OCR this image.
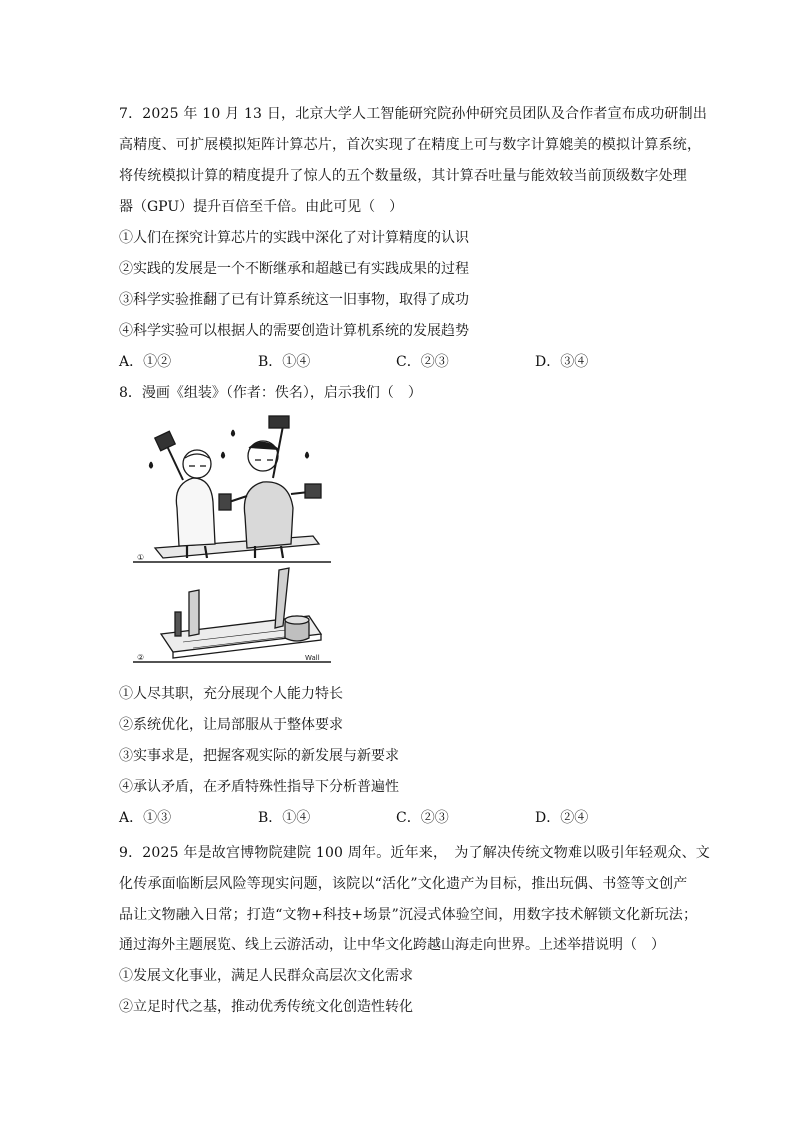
7．2025 年 10 月 13 日，北京大学人工智能研究院孙仲研究员团队及合作者宣布成功研制出
高精度、可扩展模拟矩阵计算芯片，首次实现了在精度上可与数字计算媲美的模拟计算系统，
将传统模拟计算的精度提升了惊人的五个数量级，其计算吞吐量与能效较当前顶级数字处理
器（GPU）提升百倍至千倍。由此可见（　）
①人们在探究计算芯片的实践中深化了对计算精度的认识
②实践的发展是一个不断继承和超越已有实践成果的过程
③科学实验推翻了已有计算系统这一旧事物，取得了成功
④科学实验可以根据人的需要创造计算机系统的发展趋势
A．①②	B．①④	C．②③	D．③④
8．漫画《组装》（作者：佚名），启示我们（　）
①
②	Wall
①人尽其职，充分展现个人能力特长
②系统优化，让局部服从于整体要求
③实事求是，把握客观实际的新发展与新要求
④承认矛盾，在矛盾特殊性指导下分析普遍性
A．①③	B．①④	C．②③	D．②④
9．2025 年是故宫博物院建院 100 周年。近年来，　为了解决传统文物难以吸引年轻观众、文
化传承面临断层风险等现实问题，该院以“活化”文化遗产为目标，推出玩偶、书签等文创产
品让文物融入日常；打造“文物+科技+场景”沉浸式体验空间，用数字技术解锁文化新玩法；
通过海外主题展览、线上云游活动，让中华文化跨越山海走向世界。上述举措说明（　）
①发展文化事业，满足人民群众高层次文化需求
②立足时代之基，推动优秀传统文化创造性转化
